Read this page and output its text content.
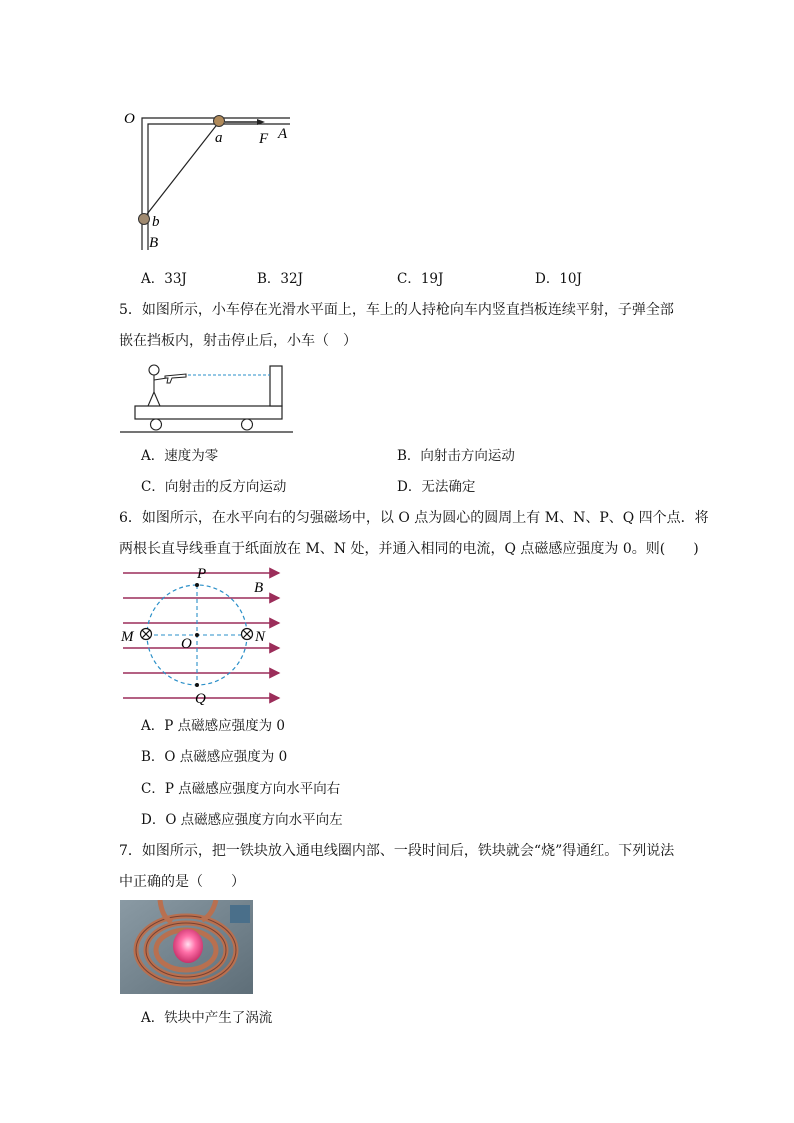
O
a F A
b
B
A．33J	B．32J	C．19J	D．10J
5．如图所示，小车停在光滑水平面上，车上的人持枪向车内竖直挡板连续平射，子弹全部
嵌在挡板内，射击停止后，小车（　）
A．速度为零	B．向射击方向运动
C．向射击的反方向运动	D．无法确定
6．如图所示，在水平向右的匀强磁场中，以 O 点为圆心的圆周上有 M、N、P、Q 四个点．将
两根长直导线垂直于纸面放在 M、N 处，并通入相同的电流，Q 点磁感应强度为 0。则(　　)
P
B
M	N
O
Q
A．P 点磁感应强度为 0
B．O 点磁感应强度为 0
C．P 点磁感应强度方向水平向右
D．O 点磁感应强度方向水平向左
7．如图所示，把一铁块放入通电线圈内部、一段时间后，铁块就会“烧”得通红。下列说法
中正确的是（　　）
A．铁块中产生了涡流
